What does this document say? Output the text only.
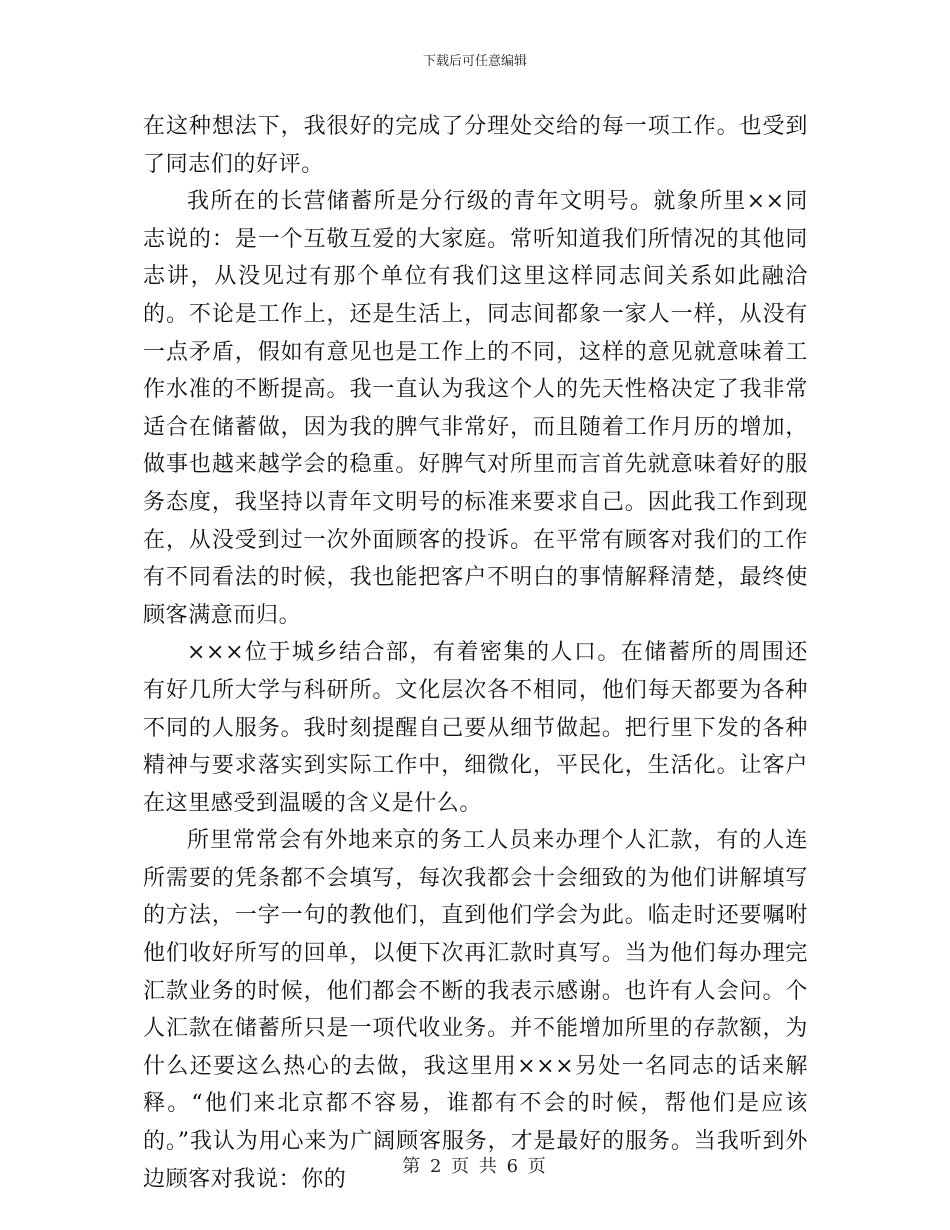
下载后可任意编辑

在这种想法下，我很好的完成了分理处交给的每一项工作。也受到了同志们的好评。

我所在的长营储蓄所是分行级的青年文明号。就象所里××同志说的：是一个互敬互爱的大家庭。常听知道我们所情况的其他同志讲，从没见过有那个单位有我们这里这样同志间关系如此融洽的。不论是工作上，还是生活上，同志间都象一家人一样，从没有一点矛盾，假如有意见也是工作上的不同，这样的意见就意味着工作水准的不断提高。我一直认为我这个人的先天性格决定了我非常适合在储蓄做，因为我的脾气非常好，而且随着工作月历的增加，做事也越来越学会的稳重。好脾气对所里而言首先就意味着好的服务态度，我坚持以青年文明号的标准来要求自己。因此我工作到现在，从没受到过一次外面顾客的投诉。在平常有顾客对我们的工作有不同看法的时候，我也能把客户不明白的事情解释清楚，最终使顾客满意而归。

×××位于城乡结合部，有着密集的人口。在储蓄所的周围还有好几所大学与科研所。文化层次各不相同，他们每天都要为各种不同的人服务。我时刻提醒自己要从细节做起。把行里下发的各种精神与要求落实到实际工作中，细微化，平民化，生活化。让客户在这里感受到温暖的含义是什么。

所里常常会有外地来京的务工人员来办理个人汇款，有的人连所需要的凭条都不会填写，每次我都会十会细致的为他们讲解填写的方法，一字一句的教他们，直到他们学会为此。临走时还要嘱咐他们收好所写的回单，以便下次再汇款时真写。当为他们每办理完汇款业务的时候，他们都会不断的我表示感谢。也许有人会问。个人汇款在储蓄所只是一项代收业务。并不能增加所里的存款额，为什么还要这么热心的去做，我这里用×××另处一名同志的话来解释。“他们来北京都不容易，谁都有不会的时候，帮他们是应该的。”我认为用心来为广阔顾客服务，才是最好的服务。当我听到外边顾客对我说：你的

第 2 页 共 6 页
